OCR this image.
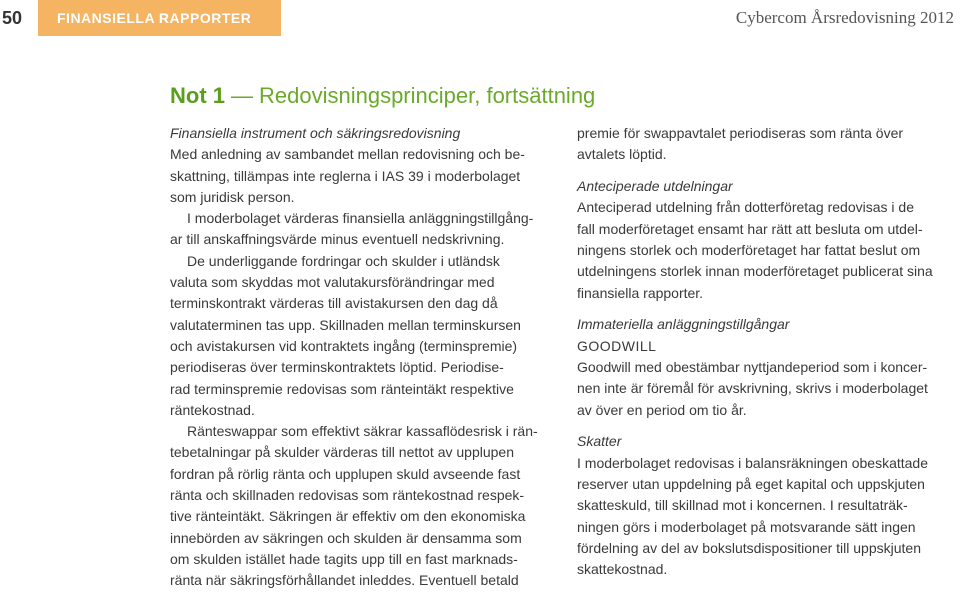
50	FINANSIELLA RAPPORTER	Cybercom Årsredovisning 2012
Not 1 — Redovisningsprinciper, fortsättning

Finansiella instrument och säkringsredovisning

Med anledning av sambandet mellan redovisning och be-
skattning, tillämpas inte reglerna i IAS 39 i moderbolaget
som juridisk person.
I moderbolaget värderas finansiella anläggningstillgång-
ar till anskaffningsvärde minus eventuell nedskrivning.
De underliggande fordringar och skulder i utländsk
valuta som skyddas mot valutakursförändringar med
terminskontrakt värderas till avistakursen den dag då
valutaterminen tas upp. Skillnaden mellan terminskursen
och avistakursen vid kontraktets ingång (terminspremie)
periodiseras över terminskontraktets löptid. Periodise-
rad terminspremie redovisas som ränteintäkt respektive
räntekostnad.
Ränteswappar som effektivt säkrar kassaflödesrisk i rän-
tebetalningar på skulder värderas till nettot av upplupen
fordran på rörlig ränta och upplupen skuld avseende fast
ränta och skillnaden redovisas som räntekostnad respek-
tive ränteintäkt. Säkringen är effektiv om den ekonomiska
innebörden av säkringen och skulden är densamma som
om skulden istället hade tagits upp till en fast marknads-
ränta när säkringsförhållandet inleddes. Eventuell betald
premie för swappavtalet periodiseras som ränta över
avtalets löptid.

Anteciperade utdelningar

Anteciperad utdelning från dotterföretag redovisas i de
fall moderföretaget ensamt har rätt att besluta om utdel-
ningens storlek och moderföretaget har fattat beslut om
utdelningens storlek innan moderföretaget publicerat sina
finansiella rapporter.

Immateriella anläggningstillgångar

GOODWILL
Goodwill med obestämbar nyttjandeperiod som i koncer-
nen inte är föremål för avskrivning, skrivs i moderbolaget
av över en period om tio år.

Skatter

I moderbolaget redovisas i balansräkningen obeskattade
reserver utan uppdelning på eget kapital och uppskjuten
skatteskuld, till skillnad mot i koncernen. I resultaträk-
ningen görs i moderbolaget på motsvarande sätt ingen
fördelning av del av bokslutsdispositioner till uppskjuten
skattekostnad.
